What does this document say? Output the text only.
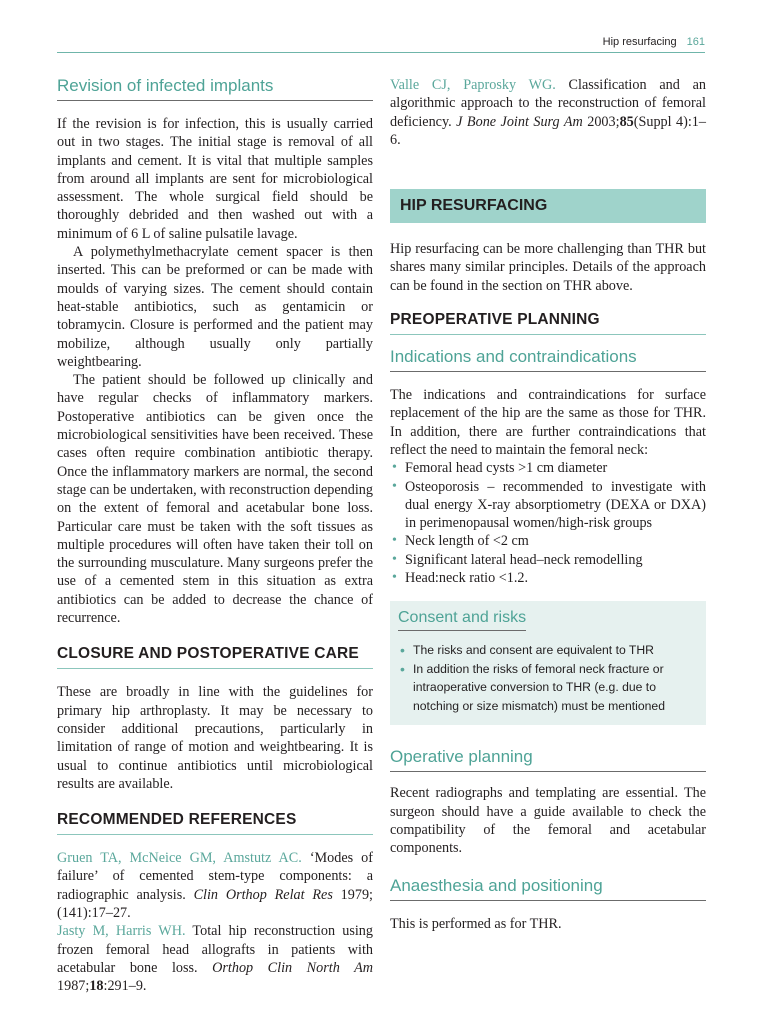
Hip resurfacing 161
Revision of infected implants

If the revision is for infection, this is usually carried out in two stages. The initial stage is removal of all implants and cement. It is vital that multiple samples from around all implants are sent for microbiological assessment. The whole surgical field should be thoroughly debrided and then washed out with a minimum of 6 L of saline pulsatile lavage.

A polymethylmethacrylate cement spacer is then inserted. This can be preformed or can be made with moulds of varying sizes. The cement should contain heat-stable antibiotics, such as gentamicin or tobramycin. Closure is performed and the patient may mobilize, although usually only partially weightbearing.

The patient should be followed up clinically and have regular checks of inflammatory markers. Postoperative antibiotics can be given once the microbiological sensitivities have been received. These cases often require combination antibiotic therapy. Once the inflammatory markers are normal, the second stage can be undertaken, with reconstruction depending on the extent of femoral and acetabular bone loss. Particular care must be taken with the soft tissues as multiple procedures will often have taken their toll on the surrounding musculature. Many surgeons prefer the use of a cemented stem in this situation as extra antibiotics can be added to decrease the chance of recurrence.

CLOSURE AND POSTOPERATIVE CARE

These are broadly in line with the guidelines for primary hip arthroplasty. It may be necessary to consider additional precautions, particularly in limitation of range of motion and weightbearing. It is usual to continue antibiotics until microbiological results are available.

RECOMMENDED REFERENCES

Gruen TA, McNeice GM, Amstutz AC. ‘Modes of failure’ of cemented stem-type components: a radiographic analysis. Clin Orthop Relat Res 1979;(141):17–27.

Jasty M, Harris WH. Total hip reconstruction using frozen femoral head allografts in patients with acetabular bone loss. Orthop Clin North Am 1987;18:291–9.

Valle CJ, Paprosky WG. Classification and an algorithmic approach to the reconstruction of femoral deficiency. J Bone Joint Surg Am 2003;85(Suppl 4):1–6.

HIP RESURFACING

Hip resurfacing can be more challenging than THR but shares many similar principles. Details of the approach can be found in the section on THR above.

PREOPERATIVE PLANNING
Indications and contraindications

The indications and contraindications for surface replacement of the hip are the same as those for THR. In addition, there are further contraindications that reflect the need to maintain the femoral neck:

• Femoral head cysts >1 cm diameter
• Osteoporosis – recommended to investigate with dual energy X-ray absorptiometry (DEXA or DXA) in perimenopausal women/high-risk groups
• Neck length of <2 cm
• Significant lateral head–neck remodelling
• Head:neck ratio <1.2.
Consent and risks
• The risks and consent are equivalent to THR
• In addition the risks of femoral neck fracture or intraoperative conversion to THR (e.g. due to notching or size mismatch) must be mentioned
Operative planning

Recent radiographs and templating are essential. The surgeon should have a guide available to check the compatibility of the femoral and acetabular components.

Anaesthesia and positioning

This is performed as for THR.
